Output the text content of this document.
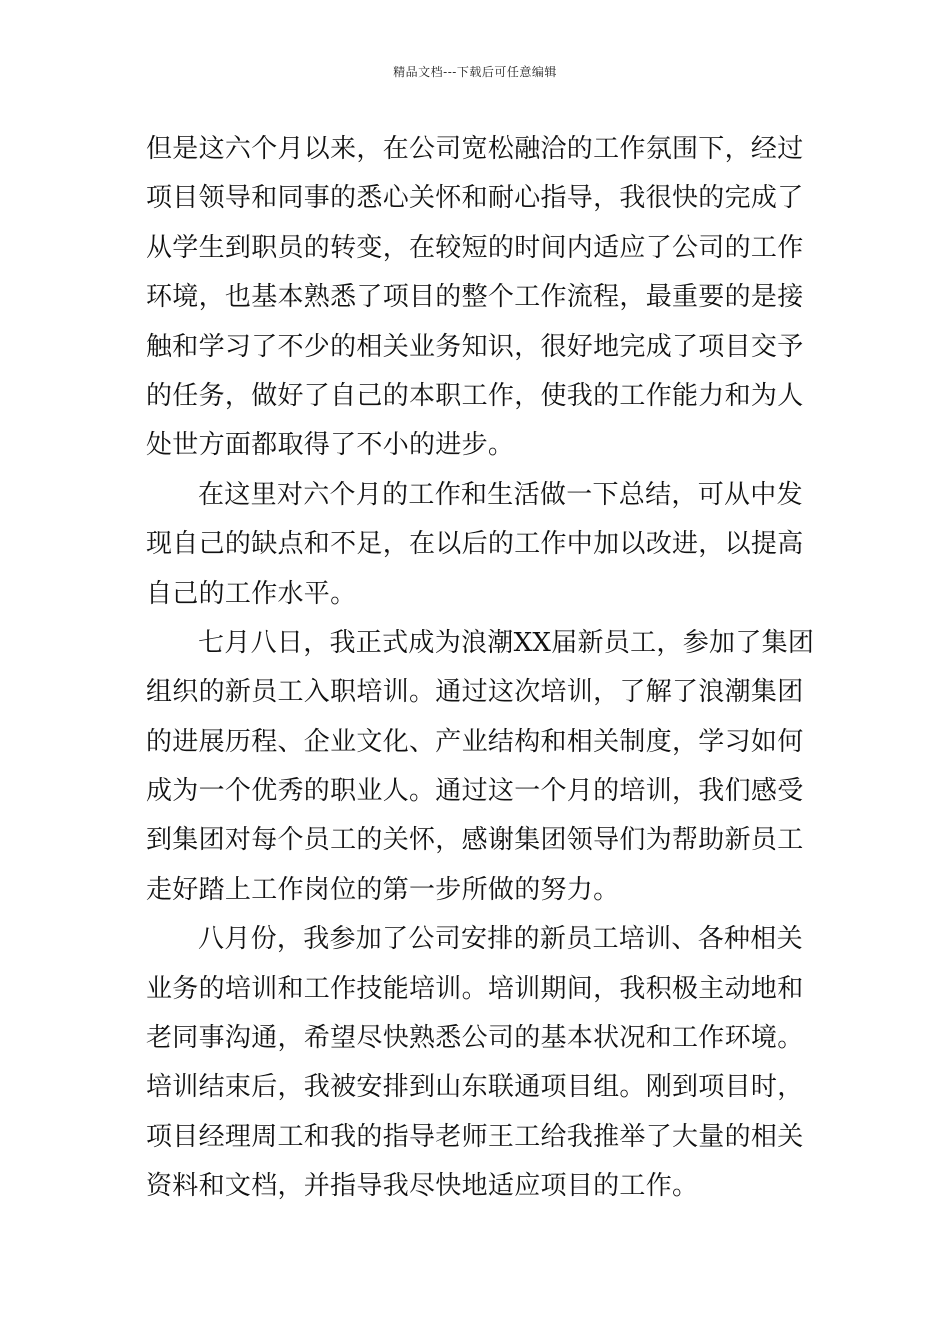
精品文档---下载后可任意编辑
但是这六个月以来，在公司宽松融洽的工作氛围下，经过
项目领导和同事的悉心关怀和耐心指导，我很快的完成了
从学生到职员的转变，在较短的时间内适应了公司的工作
环境，也基本熟悉了项目的整个工作流程，最重要的是接
触和学习了不少的相关业务知识，很好地完成了项目交予
的任务，做好了自己的本职工作，使我的工作能力和为人
处世方面都取得了不小的进步。
在这里对六个月的工作和生活做一下总结，可从中发
现自己的缺点和不足，在以后的工作中加以改进，以提高
自己的工作水平。
七月八日，我正式成为浪潮XX届新员工，参加了集团
组织的新员工入职培训。通过这次培训，了解了浪潮集团
的进展历程、企业文化、产业结构和相关制度，学习如何
成为一个优秀的职业人。通过这一个月的培训，我们感受
到集团对每个员工的关怀，感谢集团领导们为帮助新员工
走好踏上工作岗位的第一步所做的努力。
八月份，我参加了公司安排的新员工培训、各种相关
业务的培训和工作技能培训。培训期间，我积极主动地和
老同事沟通，希望尽快熟悉公司的基本状况和工作环境。
培训结束后，我被安排到山东联通项目组。刚到项目时，
项目经理周工和我的指导老师王工给我推举了大量的相关
资料和文档，并指导我尽快地适应项目的工作。
